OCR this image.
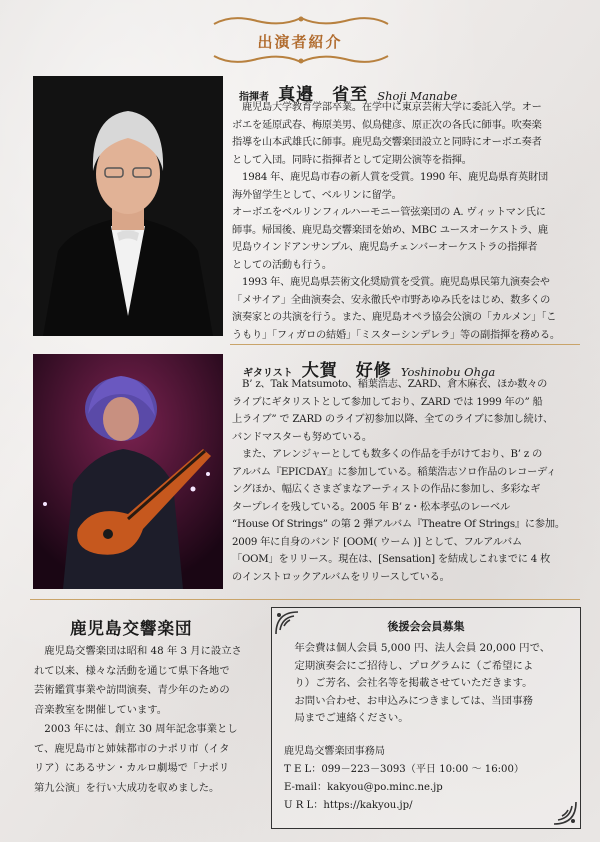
出演者紹介
指揮者 真邉　省至 Shoji Manabe
　鹿児島大学教育学部卒業。在学中に東京芸術大学に委託入学。オー
ボエを延原武春、梅原美男、似鳥健彦、原正次の各氏に師事。吹奏楽
指導を山本武雄氏に師事。鹿児島交響楽団設立と同時にオーボエ奏者
として入団。同時に指揮者として定期公演等を指揮。
　1984 年、鹿児島市春の新人賞を受賞。1990 年、鹿児島県育英財団
海外留学生として、ベルリンに留学。
オーボエをベルリンフィルハーモニー管弦楽団の A. ヴィットマン氏に
師事。帰国後、鹿児島交響楽団を始め、MBC ユースオーケストラ、鹿
児島ウインドアンサンブル、鹿児島チェンバーオーケストラの指揮者
としての活動も行う。
　1993 年、鹿児島県芸術文化奨励賞を受賞。鹿児島県民第九演奏会や
「メサイア」全曲演奏会、安永徹氏や市野あゆみ氏をはじめ、数多くの
演奏家との共演を行う。また、鹿児島オペラ協会公演の「カルメン」「こ
うもり」「フィガロの結婚」「ミスターシンデレラ」等の副指揮を務める。
ギタリスト 大賀　好修 Yoshinobu Ohga
　B’ z、Tak Matsumoto、稲葉浩志、ZARD、倉木麻衣、ほか数々の
ライブにギタリストとして参加しており、ZARD では 1999 年の” 船
上ライブ” で ZARD のライブ初参加以降、全てのライブに参加し続け、
バンドマスターも努めている。
　また、アレンジャーとしても数多くの作品を手がけており、B’ z の
アルバム『EPICDAY』に参加している。稲葉浩志ソロ作品のレコーディ
ングほか、幅広くさまざまなアーティストの作品に参加し、多彩なギ
タープレイを残している。2005 年 B’ z・松本孝弘のレーベル
“House Of Strings” の第 2 弾アルバム『Theatre Of Strings』に参加。
2009 年に自身のバンド [OOM( ウーム )] として、フルアルバム
「OOM」をリリース。現在は、[Sensation] を結成しこれまでに 4 枚
のインストロックアルバムをリリースしている。
鹿児島交響楽団
　鹿児島交響楽団は昭和 48 年 3 月に設立さ
れて以来、様々な活動を通じて県下各地で
芸術鑑賞事業や訪問演奏、青少年のための
音楽教室を開催しています。
　2003 年には、創立 30 周年記念事業とし
て、鹿児島市と姉妹都市のナポリ市（イタ
リア）にあるサン・カルロ劇場で「ナポリ
第九公演」を行い大成功を収めました。
後援会会員募集
　年会費は個人会員 5,000 円、法人会員 20,000 円で、
　定期演奏会にご招待し、プログラムに（ご希望によ
　り）ご芳名、会社名等を掲載させていただきます。
　お問い合わせ、お申込みにつきましては、当団事務
　局までご連絡ください。
鹿児島交響楽団事務局
T E L：099－223－3093（平日 10:00 ～ 16:00）
E-mail：kakyou@po.minc.ne.jp
U R L：https://kakyou.jp/
